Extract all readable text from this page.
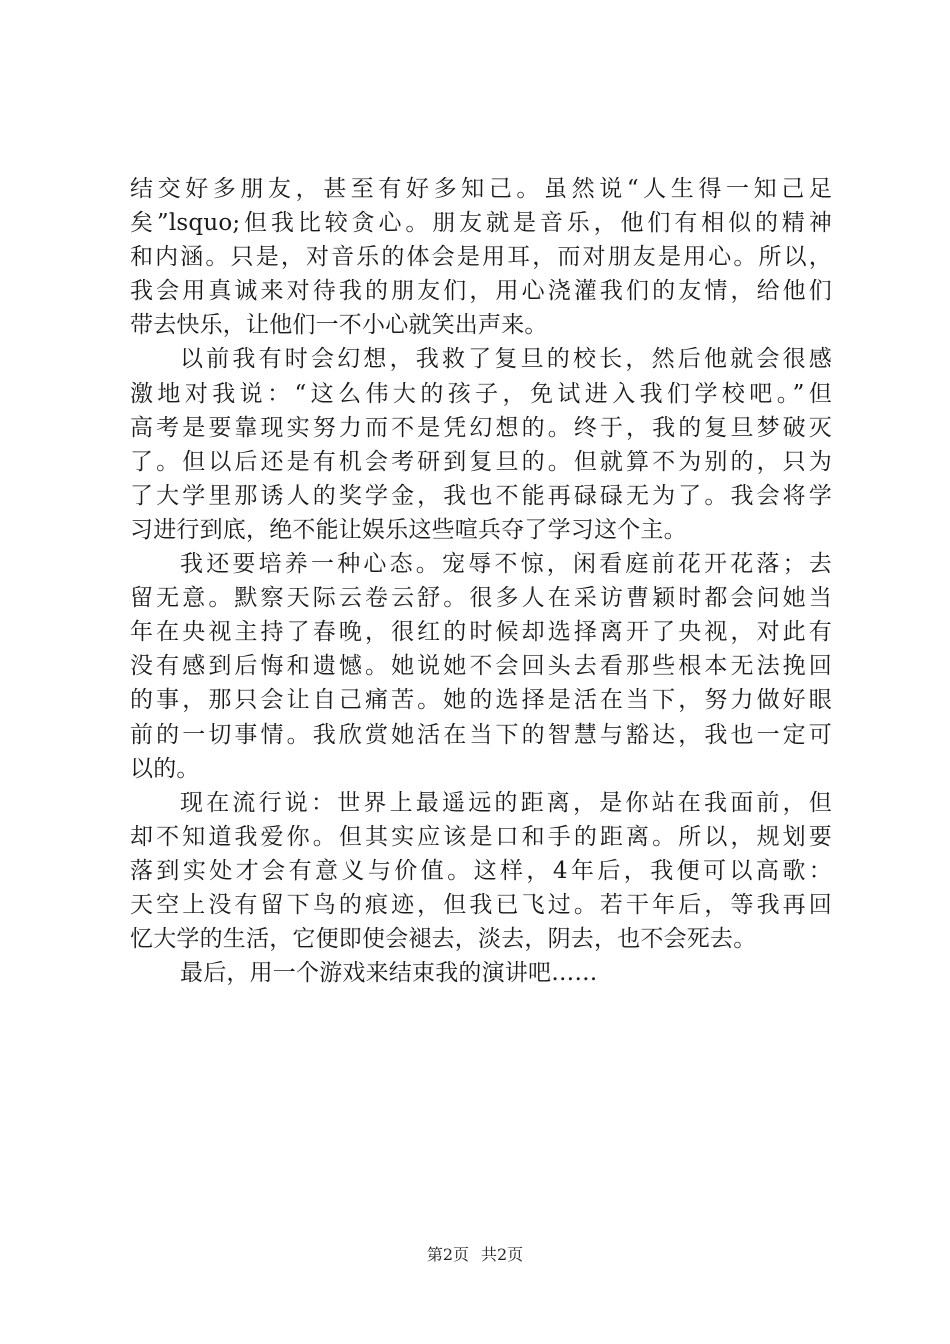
结交好多朋友，甚至有好多知己。虽然说“人生得一知己足
矣”lsquo;但我比较贪心。朋友就是音乐，他们有相似的精神
和内涵。只是，对音乐的体会是用耳，而对朋友是用心。所以，
我会用真诚来对待我的朋友们，用心浇灌我们的友情，给他们
带去快乐，让他们一不小心就笑出声来。
以前我有时会幻想，我救了复旦的校长，然后他就会很感
激地对我说：“这么伟大的孩子，免试进入我们学校吧。”但
高考是要靠现实努力而不是凭幻想的。终于，我的复旦梦破灭
了。但以后还是有机会考研到复旦的。但就算不为别的，只为
了大学里那诱人的奖学金，我也不能再碌碌无为了。我会将学
习进行到底，绝不能让娱乐这些喧兵夺了学习这个主。
我还要培养一种心态。宠辱不惊，闲看庭前花开花落；去
留无意。默察天际云卷云舒。很多人在采访曹颖时都会问她当
年在央视主持了春晚，很红的时候却选择离开了央视，对此有
没有感到后悔和遗憾。她说她不会回头去看那些根本无法挽回
的事，那只会让自己痛苦。她的选择是活在当下，努力做好眼
前的一切事情。我欣赏她活在当下的智慧与豁达，我也一定可
以的。
现在流行说：世界上最遥远的距离，是你站在我面前，但
却不知道我爱你。但其实应该是口和手的距离。所以，规划要
落到实处才会有意义与价值。这样，4年后，我便可以高歌：
天空上没有留下鸟的痕迹，但我已飞过。若干年后，等我再回
忆大学的生活，它便即使会褪去，淡去，阴去，也不会死去。
最后，用一个游戏来结束我的演讲吧……
第2页 共2页
